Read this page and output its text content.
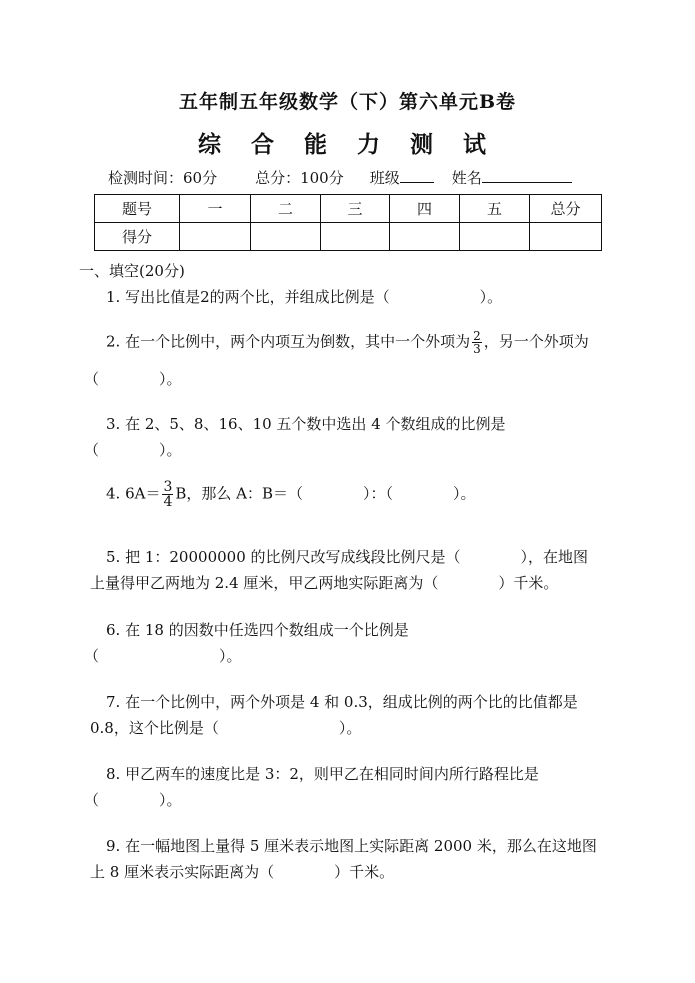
五年制五年级数学（下）第六单元B卷
综 合 能 力 测 试
检测时间：60分	总分：100分 班级	姓名
题号	一	二	三	四	五	总分
得分						
一、填空(20分)
1. 写出比值是2的两个比，并组成比例是（　　　　　　）。
2. 在一个比例中，两个内项互为倒数，其中一个外项为 $\frac{2}{3}$ ，另一个外项为
（　　　　）。
3. 在 2、5、8、16、10 五个数中选出 4 个数组成的比例是
（　　　　）。
4. $6A= \frac{3}{4}$ B，那么 A：B＝（　　　　）：（　　　　）。
5. 把 1：20000000 的比例尺改写成线段比例尺是（　　　　），在地图
上量得甲乙两地为 2.4 厘米，甲乙两地实际距离为（　　　　）千米。
6. 在 18 的因数中任选四个数组成一个比例是
（　　　　　　　　）。
7. 在一个比例中，两个外项是 4 和 0.3，组成比例的两个比的比值都是
0.8，这个比例是（　　　　　　　　）。
8. 甲乙两车的速度比是 3：2，则甲乙在相同时间内所行路程比是
（　　　　）。
9. 在一幅地图上量得 5 厘米表示地图上实际距离 2000 米，那么在这地图
上 8 厘米表示实际距离为（　　　　）千米。
